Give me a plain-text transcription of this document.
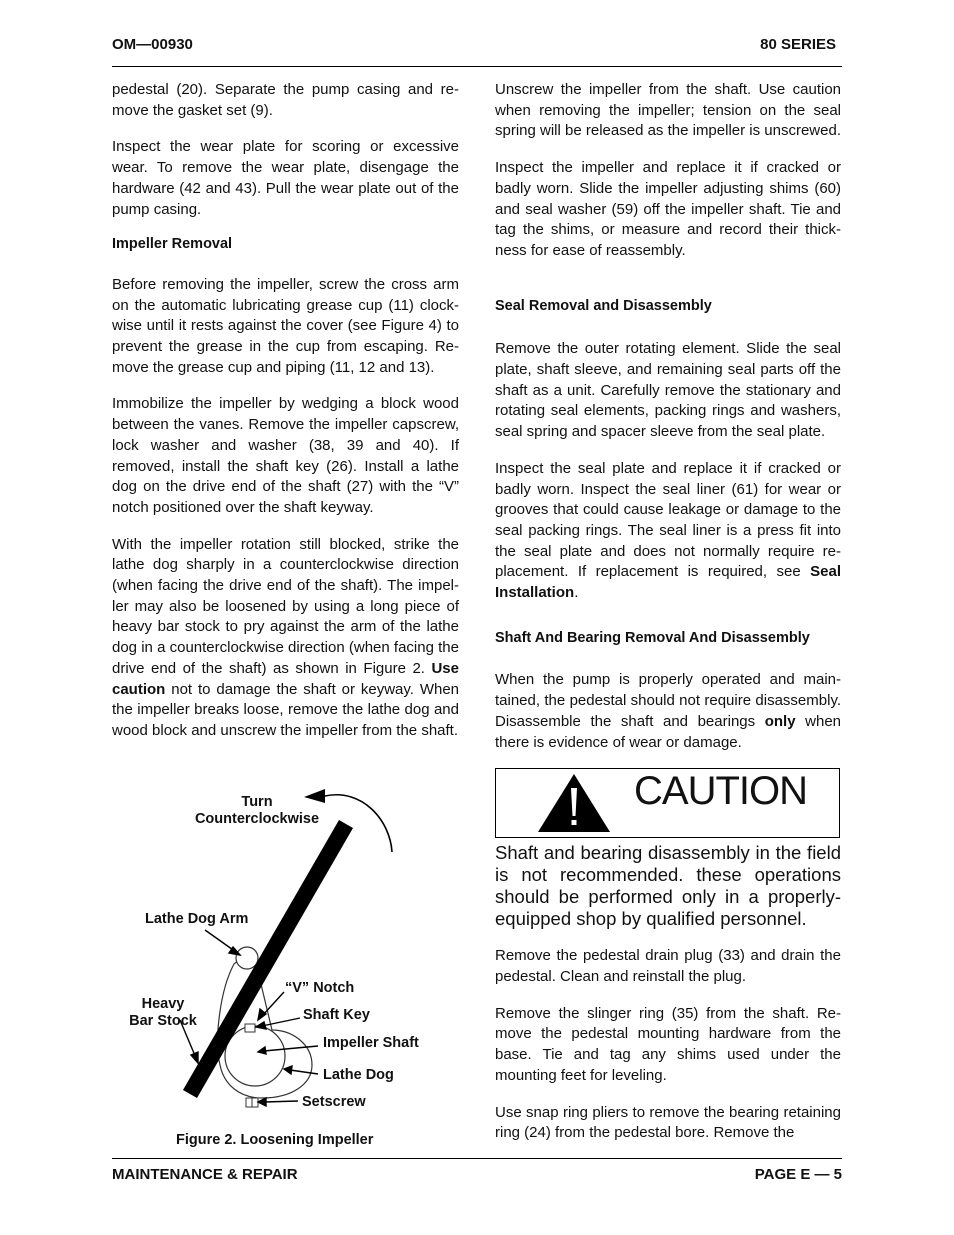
OM—00930	80 SERIES

pedestal (20). Separate the pump casing and remove the gasket set (9).

Inspect the wear plate for scoring or excessive wear. To remove the wear plate, disengage the hardware (42 and 43). Pull the wear plate out of the pump casing.

Impeller Removal

Before removing the impeller, screw the cross arm on the automatic lubricating grease cup (11) clockwise until it rests against the cover (see Figure 4) to prevent the grease in the cup from escaping. Remove the grease cup and piping (11, 12 and 13).

Immobilize the impeller by wedging a block wood between the vanes. Remove the impeller capscrew, lock washer and washer (38, 39 and 40). If removed, install the shaft key (26). Install a lathe dog on the drive end of the shaft (27) with the “V” notch positioned over the shaft keyway.

With the impeller rotation still blocked, strike the lathe dog sharply in a counterclockwise direction (when facing the drive end of the shaft). The impeller may also be loosened by using a long piece of heavy bar stock to pry against the arm of the lathe dog in a counterclockwise direction (when facing the drive end of the shaft) as shown in Figure 2. Use caution not to damage the shaft or keyway. When the impeller breaks loose, remove the lathe dog and wood block and unscrew the impeller from the shaft.

Turn
Counterclockwise
Lathe Dog Arm
“V” Notch
Heavy
Bar Stock	Shaft Key
Impeller Shaft
Lathe Dog
Setscrew
Figure 2. Loosening Impeller

Unscrew the impeller from the shaft. Use caution when removing the impeller; tension on the seal spring will be released as the impeller is unscrewed.

Inspect the impeller and replace it if cracked or badly worn. Slide the impeller adjusting shims (60) and seal washer (59) off the impeller shaft. Tie and tag the shims, or measure and record their thickness for ease of reassembly.

Seal Removal and Disassembly

Remove the outer rotating element. Slide the seal plate, shaft sleeve, and remaining seal parts off the shaft as a unit. Carefully remove the stationary and rotating seal elements, packing rings and washers, seal spring and spacer sleeve from the seal plate.

Inspect the seal plate and replace it if cracked or badly worn. Inspect the seal liner (61) for wear or grooves that could cause leakage or damage to the seal packing rings. The seal liner is a press fit into the seal plate and does not normally require replacement. If replacement is required, see Seal Installation.

Shaft And Bearing Removal And Disassembly

When the pump is properly operated and maintained, the pedestal should not require disassembly. Disassemble the shaft and bearings only when there is evidence of wear or damage.

CAUTION

Shaft and bearing disassembly in the field is not recommended. these operations should be performed only in a properly-equipped shop by qualified personnel.

Remove the pedestal drain plug (33) and drain the pedestal. Clean and reinstall the plug.

Remove the slinger ring (35) from the shaft. Remove the pedestal mounting hardware from the base. Tie and tag any shims used under the mounting feet for leveling.

Use snap ring pliers to remove the bearing retaining ring (24) from the pedestal bore. Remove the

MAINTENANCE & REPAIR	PAGE E — 5
